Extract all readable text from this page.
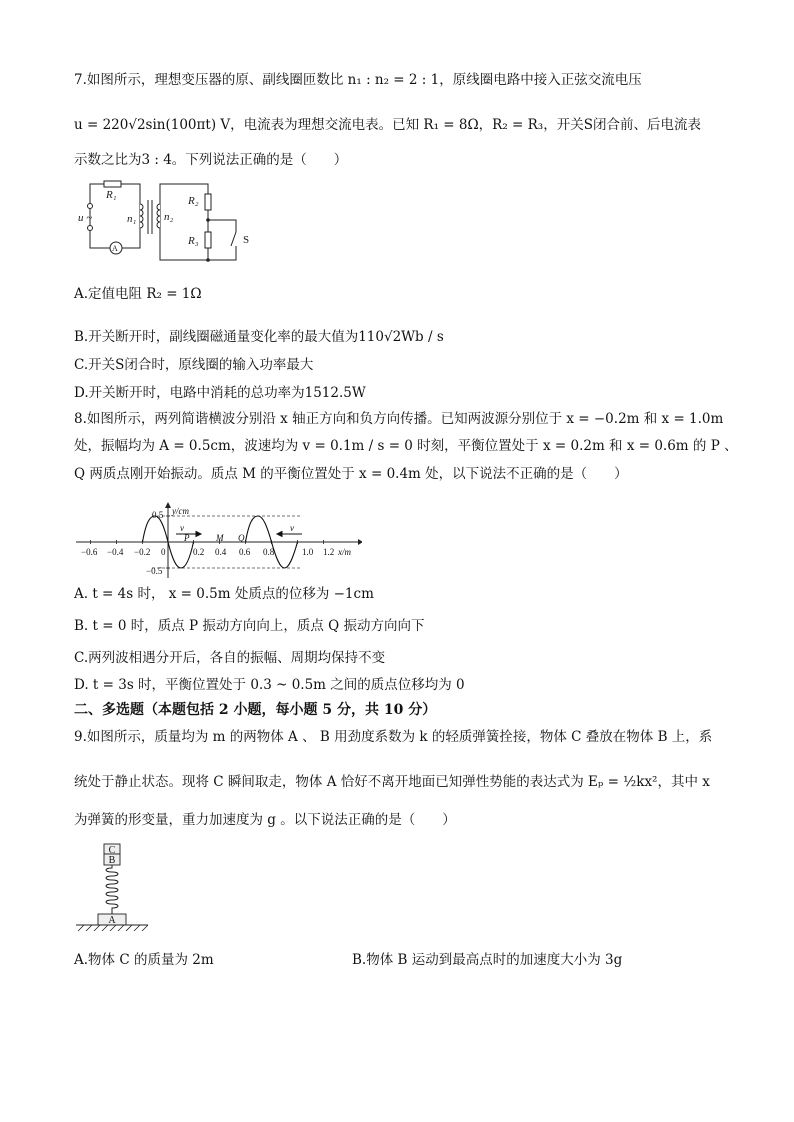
7.如图所示，理想变压器的原、副线圈匝数比 n₁ : n₂ = 2 : 1，原线圈电路中接入正弦交流电压
u = 220√2sin(100πt) V，电流表为理想交流电表。已知 R₁ = 8Ω，R₂ = R₃，开关S闭合前、后电流表
示数之比为3 : 4。下列说法正确的是（　　）
R₁
u ~	n₁	n₂
R₂
R₃
A
S
A.定值电阻 R₂ = 1Ω
B.开关断开时，副线圈磁通量变化率的最大值为110√2Wb / s
C.开关S闭合时，原线圈的输入功率最大
D.开关断开时，电路中消耗的总功率为1512.5W
8.如图所示，两列简谐横波分别沿 x 轴正方向和负方向传播。已知两波源分别位于 x = −0.2m 和 x = 1.0m
处，振幅均为 A = 0.5cm，波速均为 v = 0.1m / s = 0 时刻，平衡位置处于 x = 0.2m 和 x = 0.6m 的 P 、
Q 两质点刚开始振动。质点 M 的平衡位置处于 x = 0.4m 处，以下说法不正确的是（　　）
y/cm
0.5
−0.5
−0.6 −0.4 −0.2 0	0.2 0.4 0.6 0.8	1.0 1.2 x/m
P	M Q
v	v
A. t = 4s 时， x = 0.5m 处质点的位移为 −1cm
B. t = 0 时，质点 P 振动方向向上，质点 Q 振动方向向下
C.两列波相遇分开后，各自的振幅、周期均保持不变
D. t = 3s 时，平衡位置处于 0.3 ~ 0.5m 之间的质点位移均为 0
二、多选题（本题包括 2 小题，每小题 5 分，共 10 分）
9.如图所示，质量均为 m 的两物体 A 、 B 用劲度系数为 k 的轻质弹簧拴接，物体 C 叠放在物体 B 上，系
统处于静止状态。现将 C 瞬间取走，物体 A 恰好不离开地面已知弹性势能的表达式为 Eₚ = ½kx²，其中 x
为弹簧的形变量，重力加速度为 g 。以下说法正确的是（　　）
C
B
A
A.物体 C 的质量为 2m	B.物体 B 运动到最高点时的加速度大小为 3g
